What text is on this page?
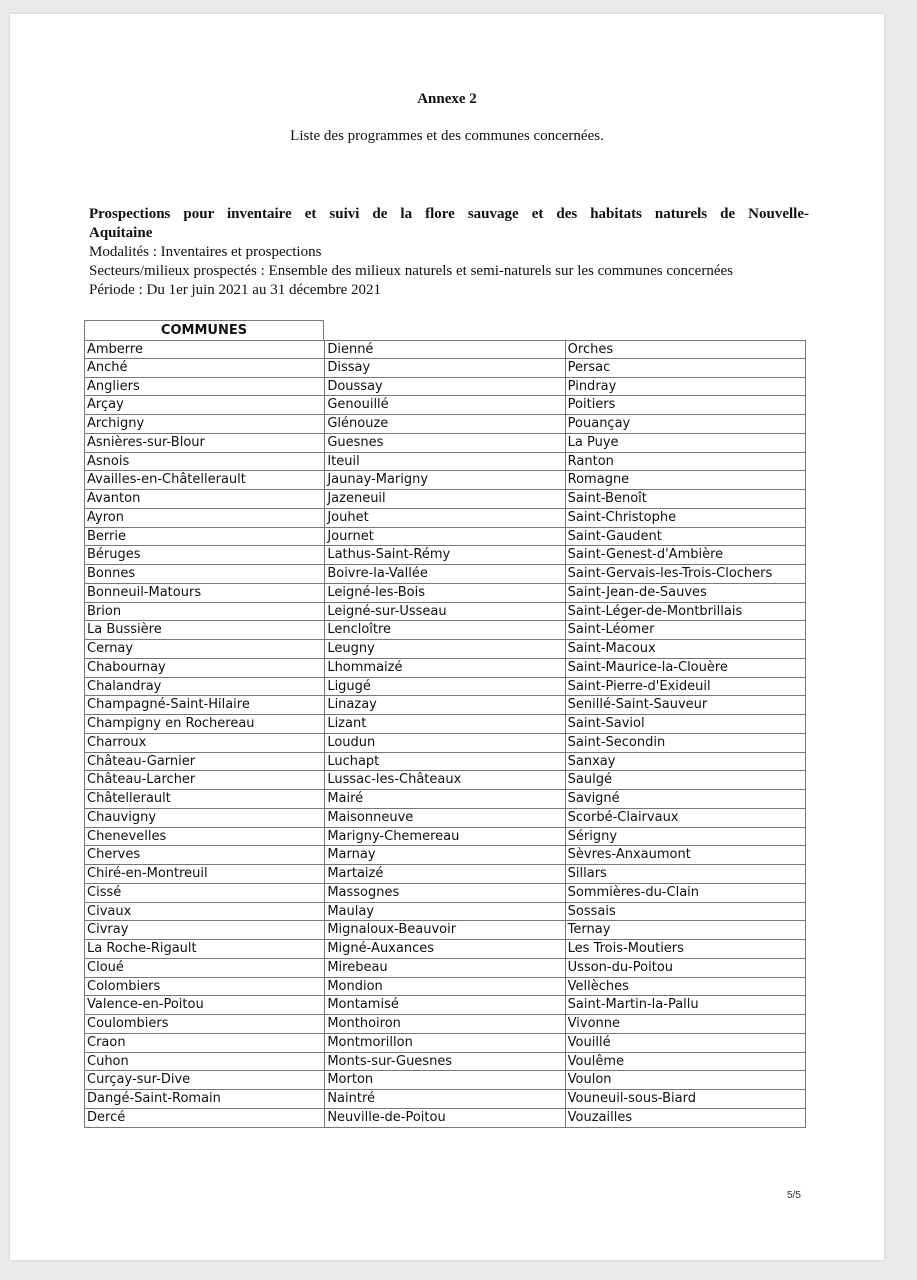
Annexe 2
Liste des programmes et des communes concernées.
Prospections pour inventaire et suivi de la flore sauvage et des habitats naturels de Nouvelle-
Aquitaine
Modalités : Inventaires et prospections
Secteurs/milieux prospectés : Ensemble des milieux naturels et semi-naturels sur les communes concernées
Période : Du 1er juin 2021 au 31 décembre 2021
COMMUNES
Amberre
Anché
Angliers
Arçay
Archigny
Asnières-sur-Blour
Asnois
Availles-en-Châtellerault
Avanton
Ayron
Berrie
Béruges
Bonnes
Bonneuil-Matours
Brion
La Bussière
Cernay
Chabournay
Chalandray
Champagné-Saint-Hilaire
Champigny en Rochereau
Charroux
Château-Garnier
Château-Larcher
Châtellerault
Chauvigny
Chenevelles
Cherves
Chiré-en-Montreuil
Cissé
Civaux
Civray
La Roche-Rigault
Cloué
Colombiers
Valence-en-Poitou
Coulombiers
Craon
Cuhon
Curçay-sur-Dive
Dangé-Saint-Romain
Dercé
Dienné
Dissay
Doussay
Genouillé
Glénouze
Guesnes
Iteuil
Jaunay-Marigny
Jazeneuil
Jouhet
Journet
Lathus-Saint-Rémy
Boivre-la-Vallée
Leigné-les-Bois
Leigné-sur-Usseau
Lencloître
Leugny
Lhommaizé
Ligugé
Linazay
Lizant
Loudun
Luchapt
Lussac-les-Châteaux
Mairé
Maisonneuve
Marigny-Chemereau
Marnay
Martaizé
Massognes
Maulay
Mignaloux-Beauvoir
Migné-Auxances
Mirebeau
Mondion
Montamisé
Monthoiron
Montmorillon
Monts-sur-Guesnes
Morton
Naintré
Neuville-de-Poitou
Orches
Persac
Pindray
Poitiers
Pouançay
La Puye
Ranton
Romagne
Saint-Benoît
Saint-Christophe
Saint-Gaudent
Saint-Genest-d'Ambière
Saint-Gervais-les-Trois-Clochers
Saint-Jean-de-Sauves
Saint-Léger-de-Montbrillais
Saint-Léomer
Saint-Macoux
Saint-Maurice-la-Clouère
Saint-Pierre-d'Exideuil
Senillé-Saint-Sauveur
Saint-Saviol
Saint-Secondin
Sanxay
Saulgé
Savigné
Scorbé-Clairvaux
Sérigny
Sèvres-Anxaumont
Sillars
Sommières-du-Clain
Sossais
Ternay
Les Trois-Moutiers
Usson-du-Poitou
Vellèches
Saint-Martin-la-Pallu
Vivonne
Vouillé
Voulême
Voulon
Vouneuil-sous-Biard
Vouzailles
5/5
